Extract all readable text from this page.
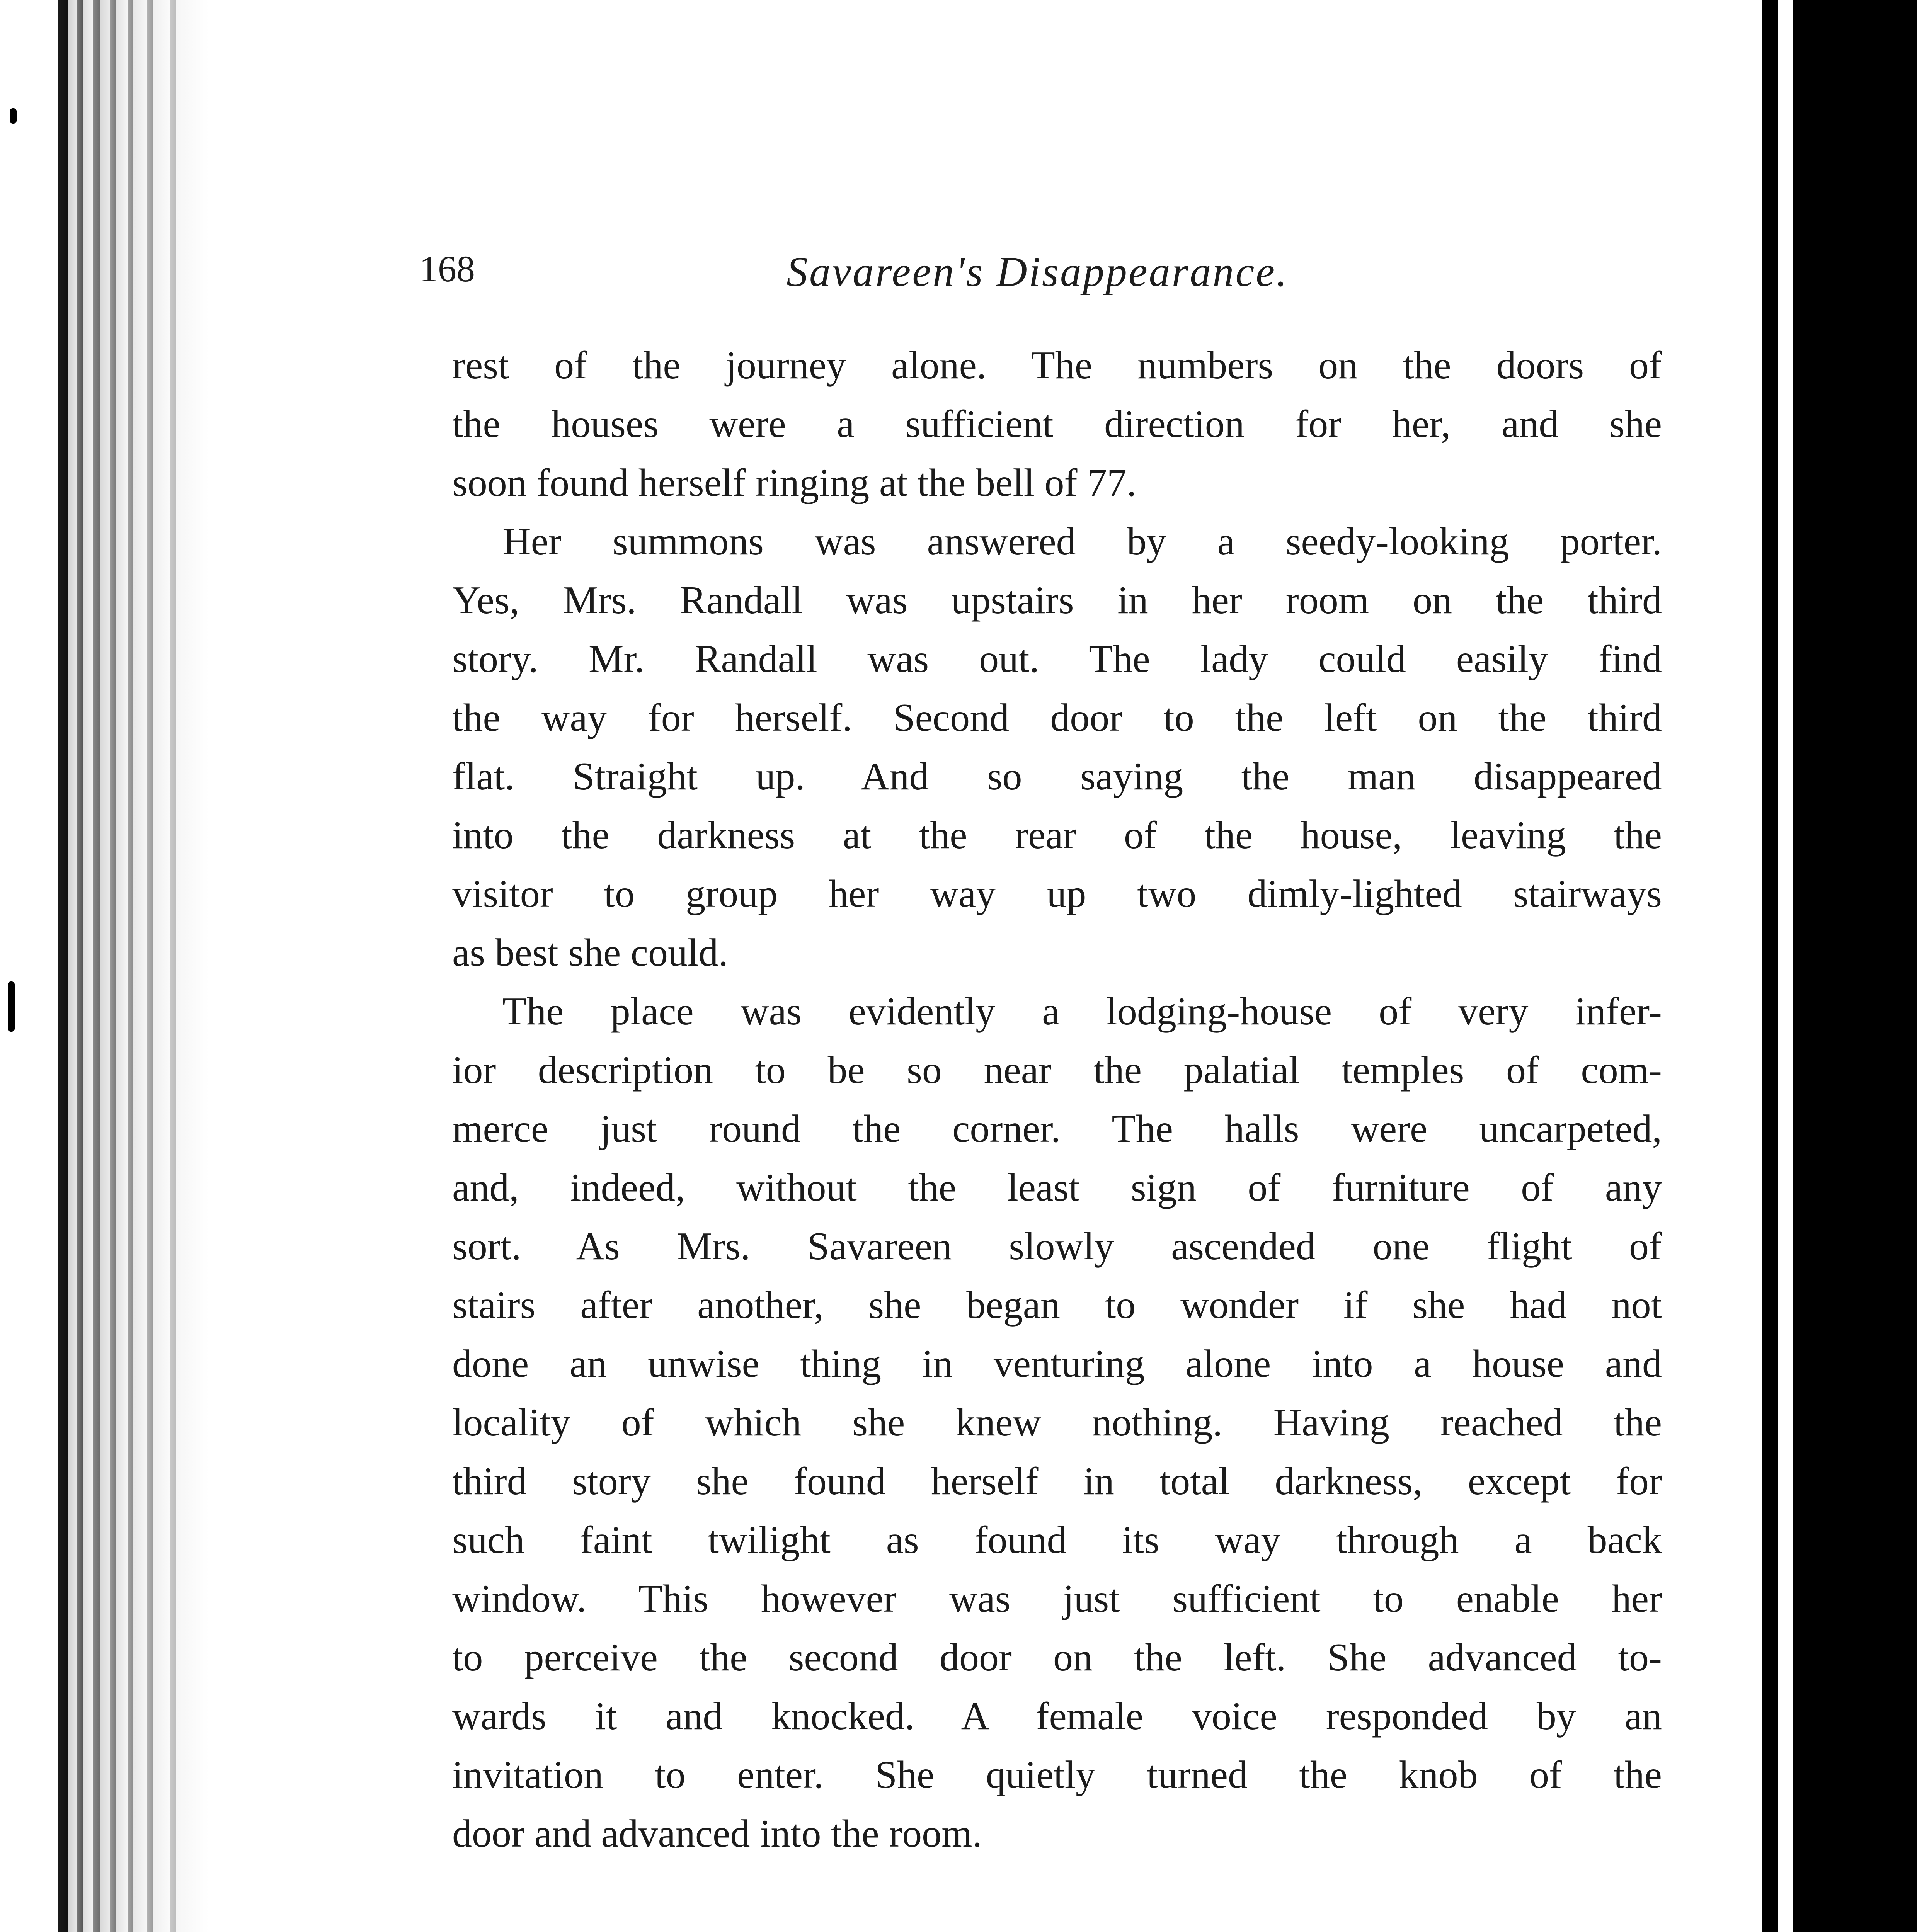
168	Savareen's Disappearance.
rest of the journey alone. The numbers on the doors of
the houses were a sufficient direction for her, and she
soon found herself ringing at the bell of 77.
Her summons was answered by a seedy-looking porter.
Yes, Mrs. Randall was upstairs in her room on the third
story. Mr. Randall was out. The lady could easily find
the way for herself. Second door to the left on the third
flat. Straight up. And so saying the man disappeared
into the darkness at the rear of the house, leaving the
visitor to group her way up two dimly-lighted stairways
as best she could.
The place was evidently a lodging-house of very infer-
ior description to be so near the palatial temples of com-
merce just round the corner. The halls were uncarpeted,
and, indeed, without the least sign of furniture of any
sort. As Mrs. Savareen slowly ascended one flight of
stairs after another, she began to wonder if she had not
done an unwise thing in venturing alone into a house and
locality of which she knew nothing. Having reached the
third story she found herself in total darkness, except for
such faint twilight as found its way through a back
window. This however was just sufficient to enable her
to perceive the second door on the left. She advanced to-
wards it and knocked. A female voice responded by an
invitation to enter. She quietly turned the knob of the
door and advanced into the room.
